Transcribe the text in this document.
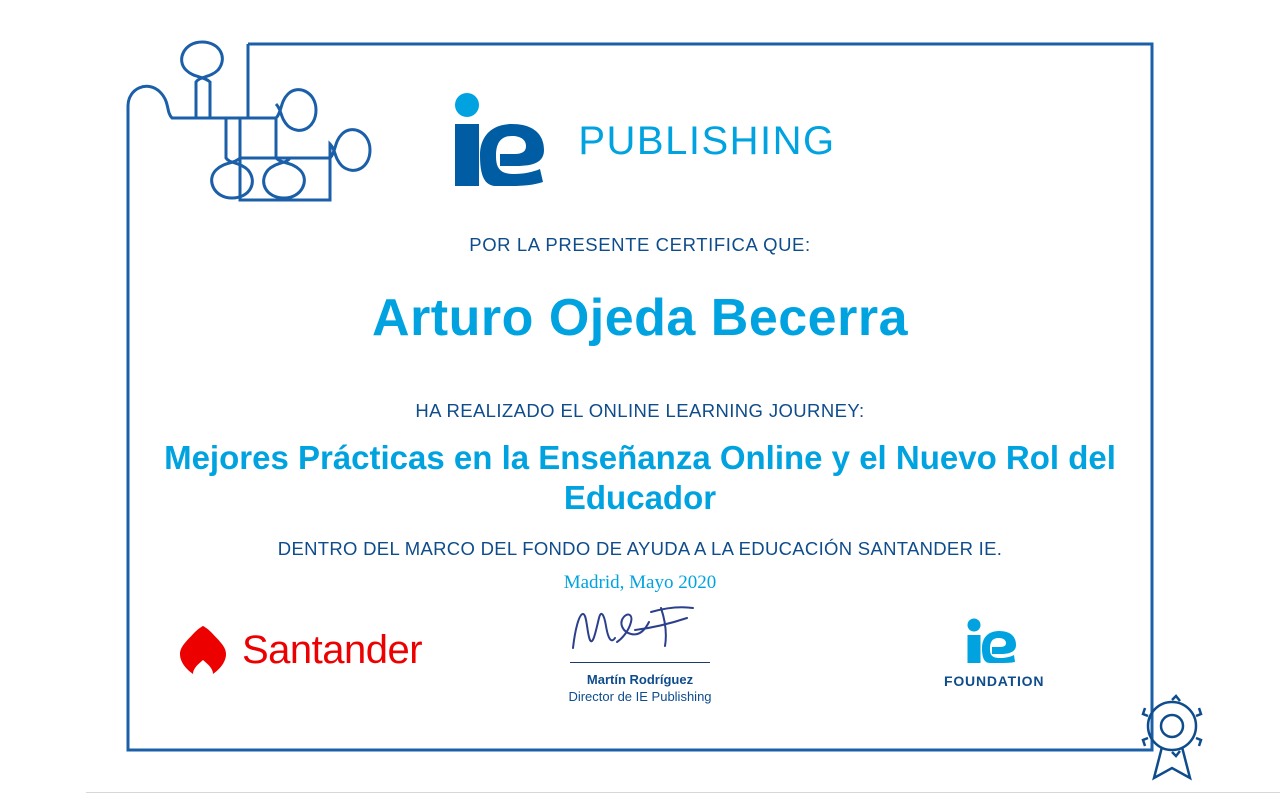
PUBLISHING
POR LA PRESENTE CERTIFICA QUE:
Arturo Ojeda Becerra
HA REALIZADO EL ONLINE LEARNING JOURNEY:
Mejores Prácticas en la Enseñanza Online y el Nuevo Rol del Educador
DENTRO DEL MARCO DEL FONDO DE AYUDA A LA EDUCACIÓN SANTANDER IE.
Madrid, Mayo 2020
Santander
Martín Rodríguez
Director de IE Publishing
FOUNDATION
